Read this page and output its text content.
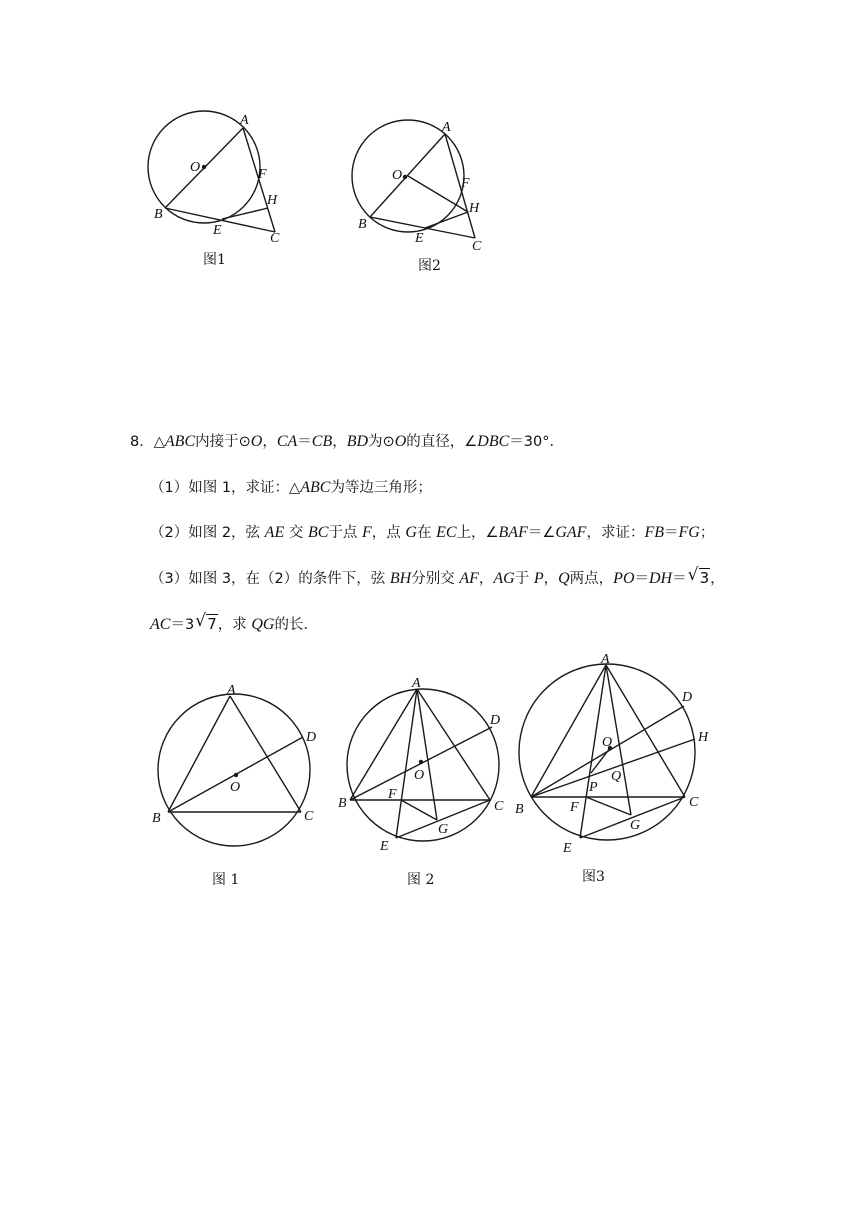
A
O	F
H
B
E
C
图1
A
O
F
H
B
E
C
图2
A
D
O
B	C
图 1
A
D
O
B
F
C
G
E
图 2
A
D
H
O
Q
P
B	F	C
G
E
图3
8．△ABC内接于⊙O，CA＝CB，BD为⊙O的直径，∠DBC＝30°．
（1）如图 1，求证：△ABC为等边三角形；
（2）如图 2，弦 AE 交 BC于点 F，点 G在 EC上，∠BAF＝∠GAF，求证：FB＝FG；
（3）如图 3，在（2）的条件下，弦 BH分别交 AF，AG于 P，Q两点，PO＝DH＝ √ 3，
AC＝3 √ 7，求 QG的长．
